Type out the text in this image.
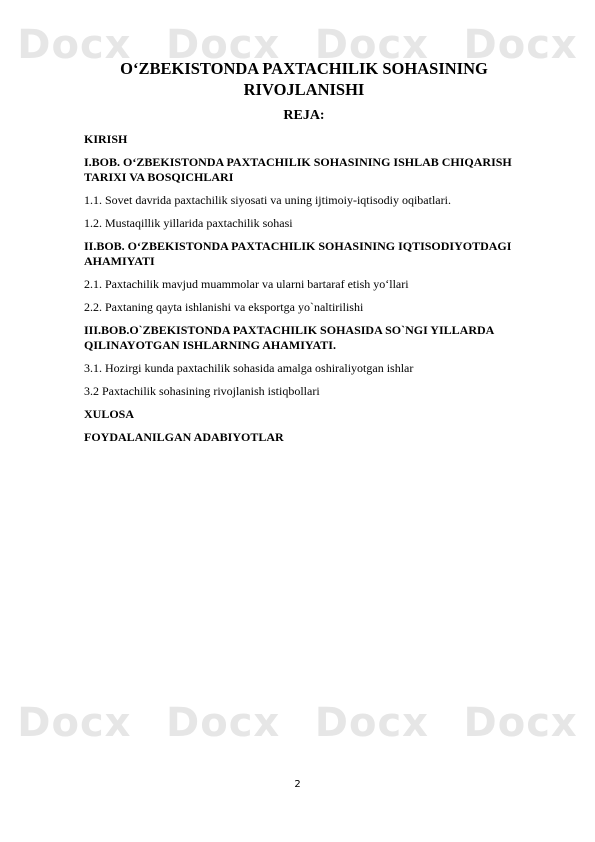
Docx Docx Docx Docx
Docx Docx Docx Docx
O‘ZBEKISTONDA PAXTACHILIK SOHASINING RIVOJLANISHI
REJA:
KIRISH
I.BOB. O‘ZBEKISTONDA PAXTACHILIK SOHASINING ISHLAB CHIQARISH TARIXI VA BOSQICHLARI
1.1. Sovet davrida paxtachilik siyosati va uning ijtimoiy-iqtisodiy oqibatlari.
1.2. Mustaqillik yillarida paxtachilik sohasi
II.BOB. O‘ZBEKISTONDA PAXTACHILIK SOHASINING IQTISODIYOTDAGI AHAMIYATI
2.1. Paxtachilik mavjud muammolar va ularni bartaraf etish yo‘llari
2.2. Paxtaning qayta ishlanishi va eksportga yo`naltirilishi
III.BOB.O`ZBEKISTONDA PAXTACHILIK SOHASIDA SO`NGI YILLARDA QILINAYOTGAN ISHLARNING AHAMIYATI.
3.1. Hozirgi kunda paxtachilik sohasida amalga oshiraliyotgan ishlar
3.2 Paxtachilik sohasining rivojlanish istiqbollari
XULOSA
FOYDALANILGAN ADABIYOTLAR
2
